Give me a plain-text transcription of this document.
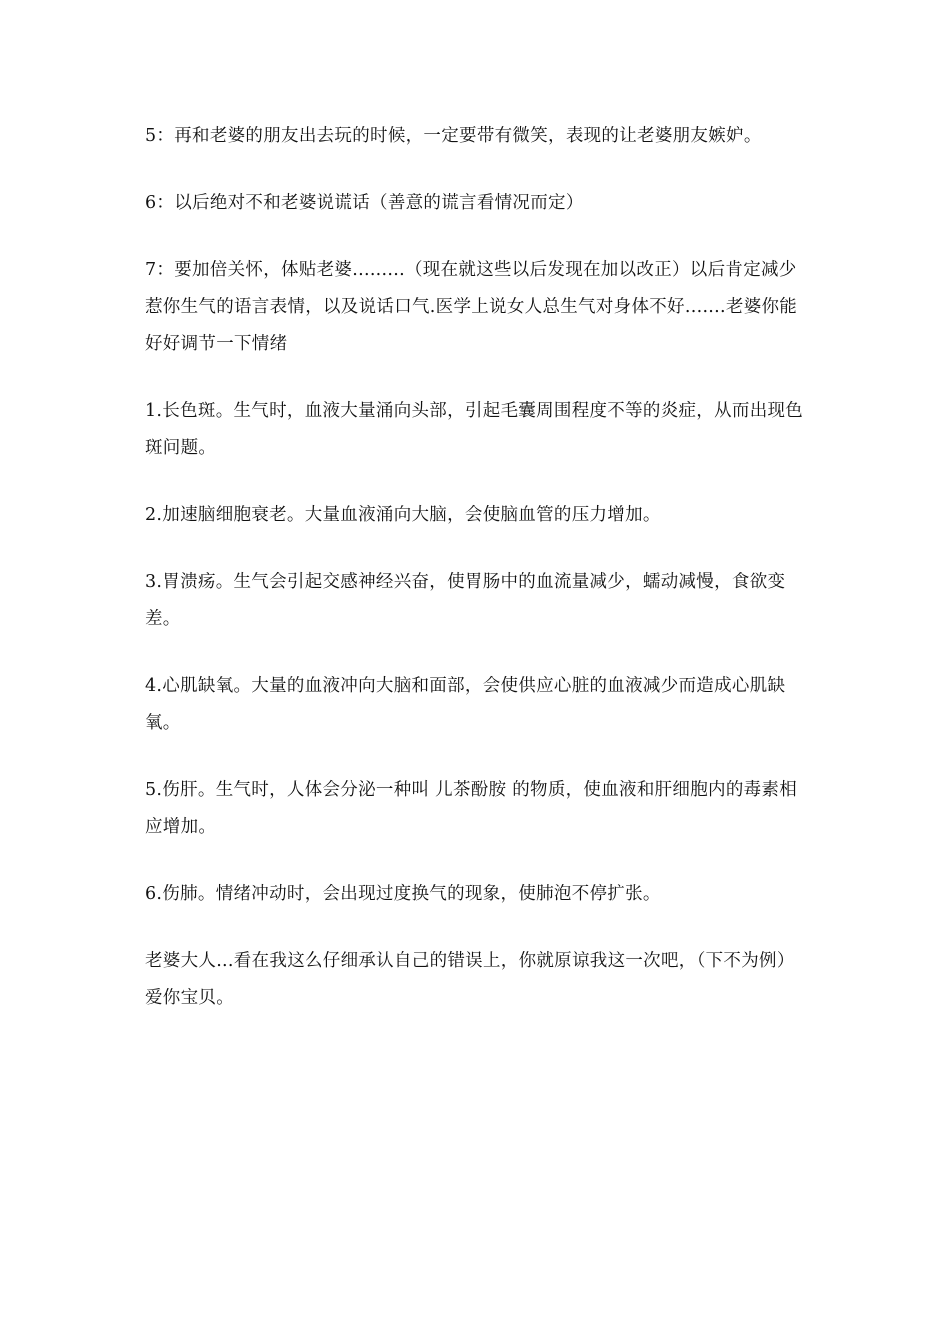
5：再和老婆的朋友出去玩的时候，一定要带有微笑，表现的让老婆朋友嫉妒。

6：以后绝对不和老婆说谎话（善意的谎言看情况而定）

7：要加倍关怀，体贴老婆.........（现在就这些以后发现在加以改正）以后肯定减少惹你生气的语言表情，以及说话口气.医学上说女人总生气对身体不好.......老婆你能好好调节一下情绪

1.长色斑。生气时，血液大量涌向头部，引起毛囊周围程度不等的炎症，从而出现色斑问题。

2.加速脑细胞衰老。大量血液涌向大脑，会使脑血管的压力增加。

3.胃溃疡。生气会引起交感神经兴奋，使胃肠中的血流量减少，蠕动减慢，食欲变差。

4.心肌缺氧。大量的血液冲向大脑和面部，会使供应心脏的血液减少而造成心肌缺氧。

5.伤肝。生气时，人体会分泌一种叫 儿茶酚胺 的物质，使血液和肝细胞内的毒素相应增加。

6.伤肺。情绪冲动时，会出现过度换气的现象，使肺泡不停扩张。

老婆大人...看在我这么仔细承认自己的错误上，你就原谅我这一次吧，（下不为例）爱你宝贝。
